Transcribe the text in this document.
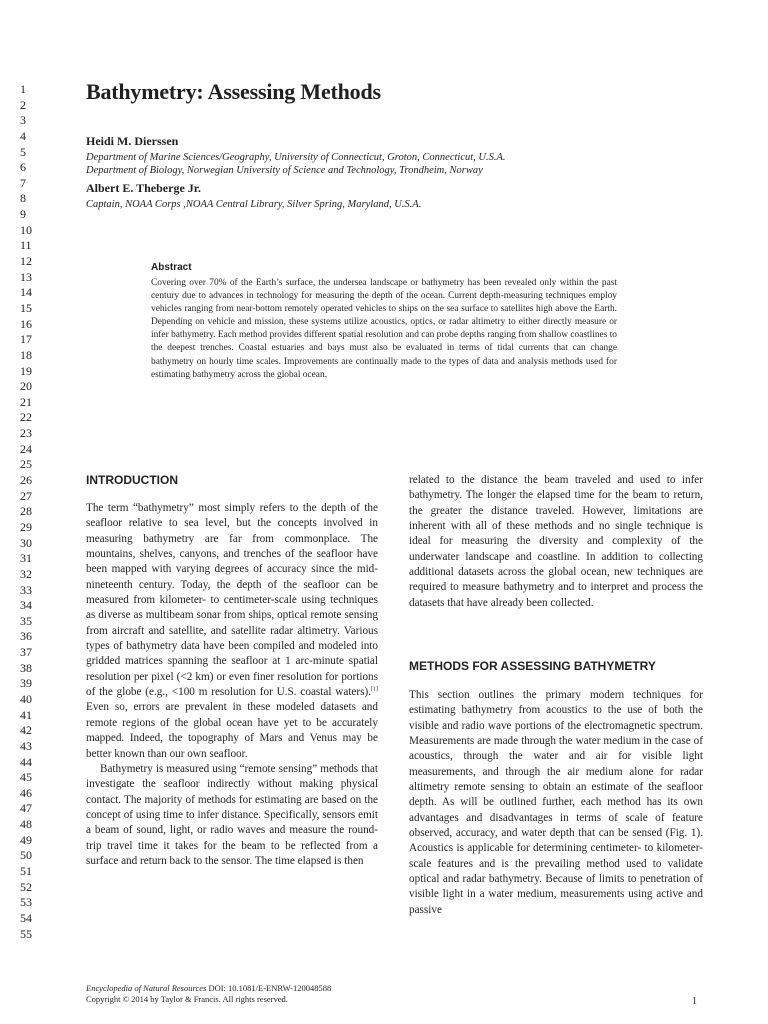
1
2
3
4
5
6
7
8
9
10
11
12
13
14
15
16
17
18
19
20
21
22
23
24
25
26
27
28
29
30
31
32
33
34
35
36
37
38
39
40
41
42
43
44
45
46
47
48
49
50
51
52
53
54
55
Bathymetry: Assessing Methods
Heidi M. Dierssen
Department of Marine Sciences/Geography, University of Connecticut, Groton, Connecticut, U.S.A.
Department of Biology, Norwegian University of Science and Technology, Trondheim, Norway
Albert E. Theberge Jr.
Captain, NOAA Corps ,NOAA Central Library, Silver Spring, Maryland, U.S.A.
Abstract
Covering over 70% of the Earth’s surface, the undersea landscape or bathymetry has been revealed only within the past century due to advances in technology for measuring the depth of the ocean. Current depth-measuring techniques employ vehicles ranging from near-bottom remotely operated vehicles to ships on the sea surface to satellites high above the Earth. Depending on vehicle and mission, these systems utilize acoustics, optics, or radar altimetry to either directly measure or infer bathymetry. Each method provides different spatial resolution and can probe depths ranging from shallow coastlines to the deepest trenches. Coastal estuaries and bays must also be evaluated in terms of tidal currents that can change bathymetry on hourly time scales. Improvements are continually made to the types of data and analysis methods used for estimating bathymetry across the global ocean.
INTRODUCTION

The term “bathymetry” most simply refers to the depth of the seafloor relative to sea level, but the concepts involved in measuring bathymetry are far from commonplace. The mountains, shelves, canyons, and trenches of the seafloor have been mapped with varying degrees of accuracy since the mid-nineteenth century. Today, the depth of the seafloor can be measured from kilometer- to centimeter-scale using techniques as diverse as multibeam sonar from ships, optical remote sensing from aircraft and satellite, and satellite radar altimetry. Various types of bathymetry data have been compiled and modeled into gridded matrices spanning the seafloor at 1 arc-minute spatial resolution per pixel (<2 km) or even finer resolution for portions of the globe (e.g., <100 m resolution for U.S. coastal waters).[1] Even so, errors are prevalent in these modeled datasets and remote regions of the global ocean have yet to be accurately mapped. Indeed, the topography of Mars and Venus may be better known than our own seafloor.

Bathymetry is measured using “remote sensing” methods that investigate the seafloor indirectly without making physical contact. The majority of methods for estimating are based on the concept of using time to infer distance. Specifically, sensors emit a beam of sound, light, or radio waves and measure the round-trip travel time it takes for the beam to be reflected from a surface and return back to the sensor. The time elapsed is then

related to the distance the beam traveled and used to infer bathymetry. The longer the elapsed time for the beam to return, the greater the distance traveled. However, limitations are inherent with all of these methods and no single technique is ideal for measuring the diversity and complexity of the underwater landscape and coastline. In addition to collecting additional datasets across the global ocean, new techniques are required to measure bathymetry and to interpret and process the datasets that have already been collected.

METHODS FOR ASSESSING BATHYMETRY

This section outlines the primary modern techniques for estimating bathymetry from acoustics to the use of both the visible and radio wave portions of the electromagnetic spectrum. Measurements are made through the water medium in the case of acoustics, through the water and air for visible light measurements, and through the air medium alone for radar altimetry remote sensing to obtain an estimate of the seafloor depth. As will be outlined further, each method has its own advantages and disadvantages in terms of scale of feature observed, accuracy, and water depth that can be sensed (Fig. 1). Acoustics is applicable for determining centimeter- to kilometer-scale features and is the prevailing method used to validate optical and radar bathymetry. Because of limits to penetration of visible light in a water medium, measurements using active and passive

Encyclopedia of Natural Resources DOI: 10.1081/E-ENRW-120048588
Copyright © 2014 by Taylor & Francis. All rights reserved.	1
